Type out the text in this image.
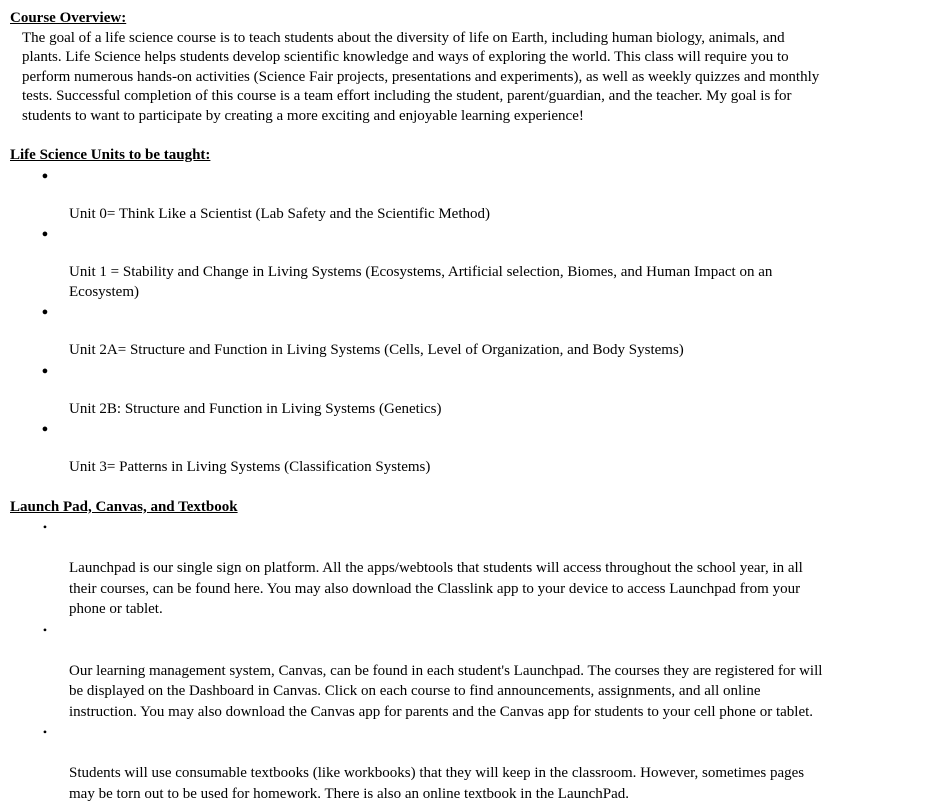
Course Overview:

The goal of a life science course is to teach students about the diversity of life on Earth, including human biology, animals, and
plants. Life Science helps students develop scientific knowledge and ways of exploring the world. This class will require you to
perform numerous hands-on activities (Science Fair projects, presentations and experiments), as well as weekly quizzes and monthly
tests. Successful completion of this course is a team effort including the student, parent/guardian, and the teacher. My goal is for
students to want to participate by creating a more exciting and enjoyable learning experience!

Life Science Units to be taught:

●

Unit 0= Think Like a Scientist (Lab Safety and the Scientific Method)

●

Unit 1 = Stability and Change in Living Systems (Ecosystems, Artificial selection, Biomes, and Human Impact on an
Ecosystem)

●

Unit 2A= Structure and Function in Living Systems (Cells, Level of Organization, and Body Systems)

●

Unit 2B: Structure and Function in Living Systems (Genetics)

●

Unit 3= Patterns in Living Systems (Classification Systems)

Launch Pad, Canvas, and Textbook

•

Launchpad is our single sign on platform. All the apps/webtools that students will access throughout the school year, in all
their courses, can be found here. You may also download the Classlink app to your device to access Launchpad from your
phone or tablet.

•

Our learning management system, Canvas, can be found in each student's Launchpad. The courses they are registered for will
be displayed on the Dashboard in Canvas. Click on each course to find announcements, assignments, and all online
instruction. You may also download the Canvas app for parents and the Canvas app for students to your cell phone or tablet.

•

Students will use consumable textbooks (like workbooks) that they will keep in the classroom. However, sometimes pages
may be torn out to be used for homework. There is also an online textbook in the LaunchPad.
